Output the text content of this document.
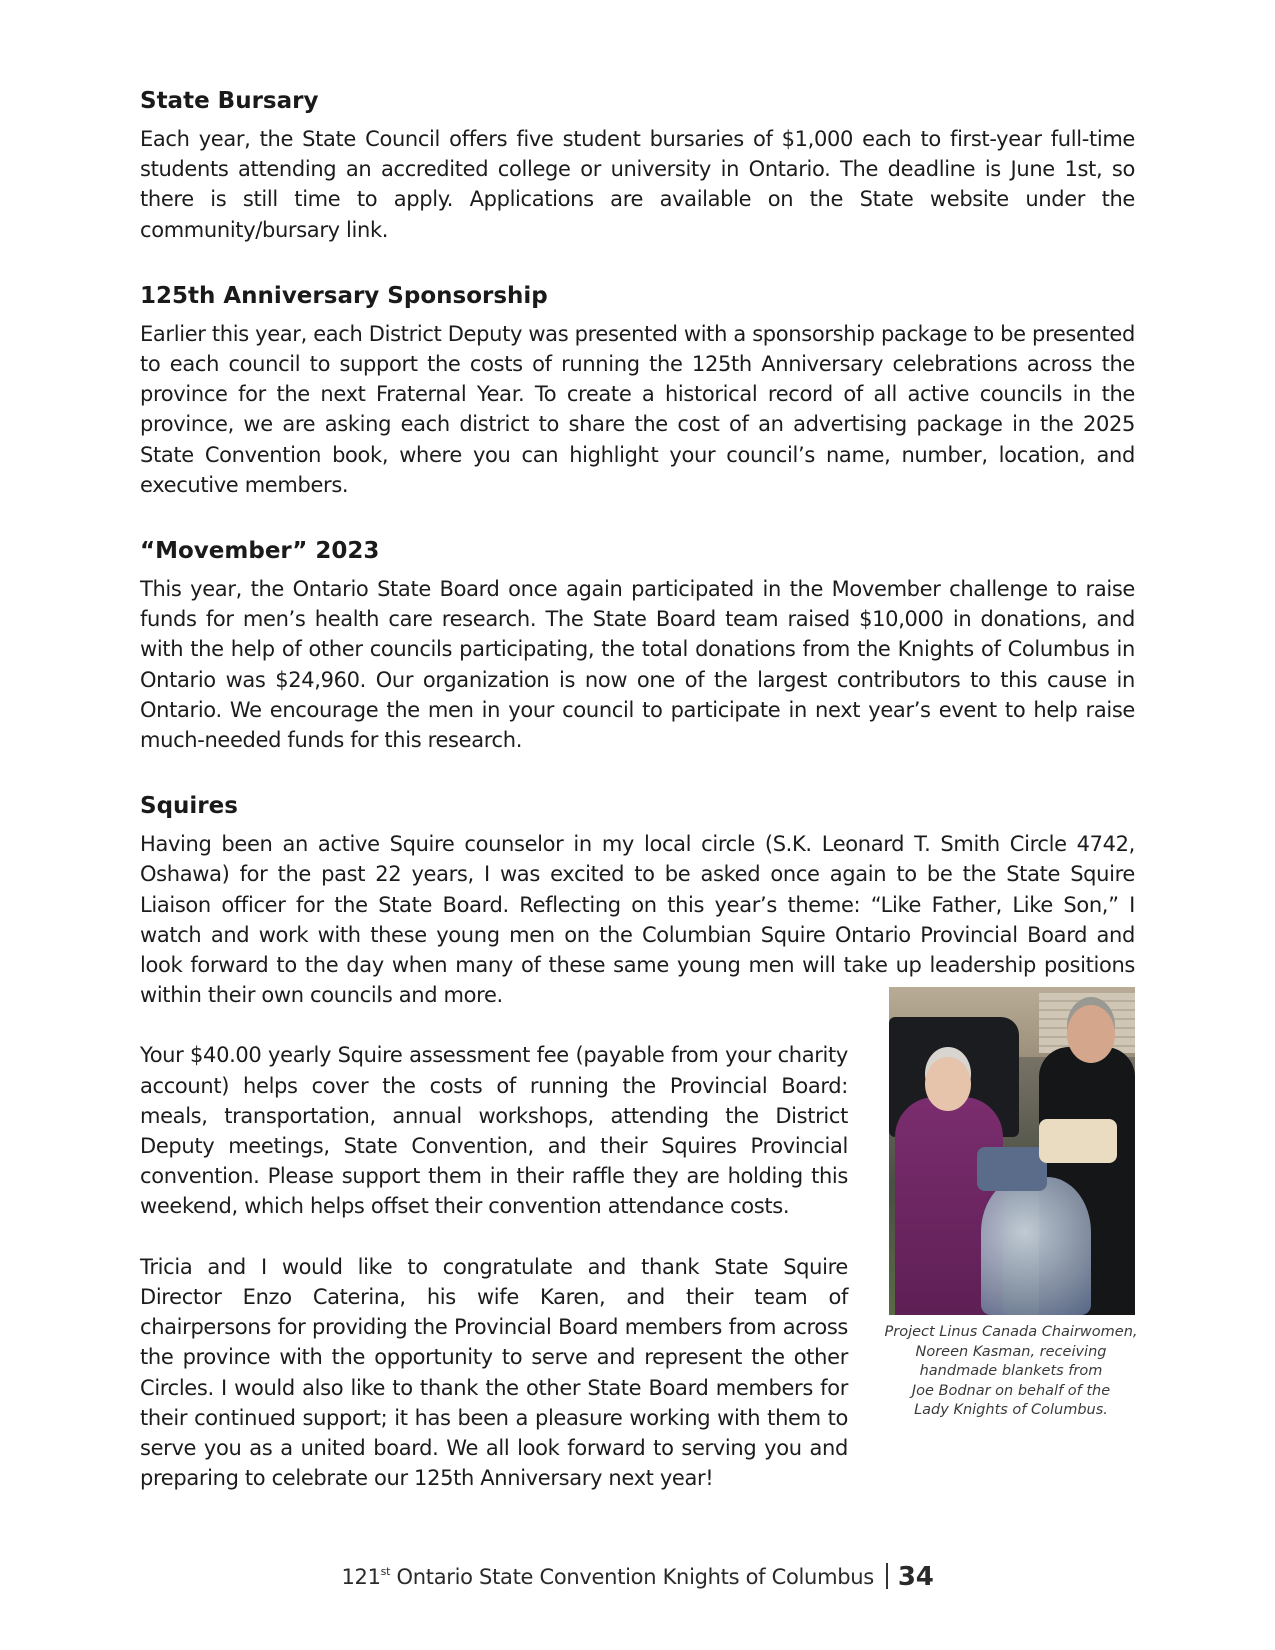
State Bursary

Each year, the State Council offers five student bursaries of $1,000 each to first-year full-time students attending an accredited college or university in Ontario. The deadline is June 1st, so there is still time to apply. Applications are available on the State website under the community/bursary link.

125th Anniversary Sponsorship

Earlier this year, each District Deputy was presented with a sponsorship package to be presented to each council to support the costs of running the 125th Anniversary celebrations across the province for the next Fraternal Year. To create a historical record of all active councils in the province, we are asking each district to share the cost of an advertising package in the 2025 State Convention book, where you can highlight your council’s name, number, location, and executive members.

“Movember” 2023

This year, the Ontario State Board once again participated in the Movember challenge to raise funds for men’s health care research. The State Board team raised $10,000 in donations, and with the help of other councils participating, the total donations from the Knights of Columbus in Ontario was $24,960. Our organization is now one of the largest contributors to this cause in Ontario. We encourage the men in your council to participate in next year’s event to help raise much-needed funds for this research.

Squires

Having been an active Squire counselor in my local circle (S.K. Leonard T. Smith Circle 4742, Oshawa) for the past 22 years, I was excited to be asked once again to be the State Squire Liaison officer for the State Board. Reflecting on this year’s theme: “Like Father, Like Son,” I watch and work with these young men on the Columbian Squire Ontario Provincial Board and look forward to the day when many of these same young men will take up leadership positions within their own councils and more.

Your $40.00 yearly Squire assessment fee (payable from your charity account) helps cover the costs of running the Provincial Board: meals, transportation, annual workshops, attending the District Deputy meetings, State Convention, and their Squires Provincial convention. Please support them in their raffle they are holding this weekend, which helps offset their convention attendance costs.

Tricia and I would like to congratulate and thank State Squire Director Enzo Caterina, his wife Karen, and their team of chairpersons for providing the Provincial Board members from across the province with the opportunity to serve and represent the other Circles. I would also like to thank the other State Board members for their continued support; it has been a pleasure working with them to serve you as a united board. We all look forward to serving you and preparing to celebrate our 125th Anniversary next year!

Project Linus Canada Chairwomen,
Noreen Kasman, receiving
handmade blankets from
Joe Bodnar on behalf of the
Lady Knights of Columbus.
121st Ontario State Convention Knights of Columbus 34
